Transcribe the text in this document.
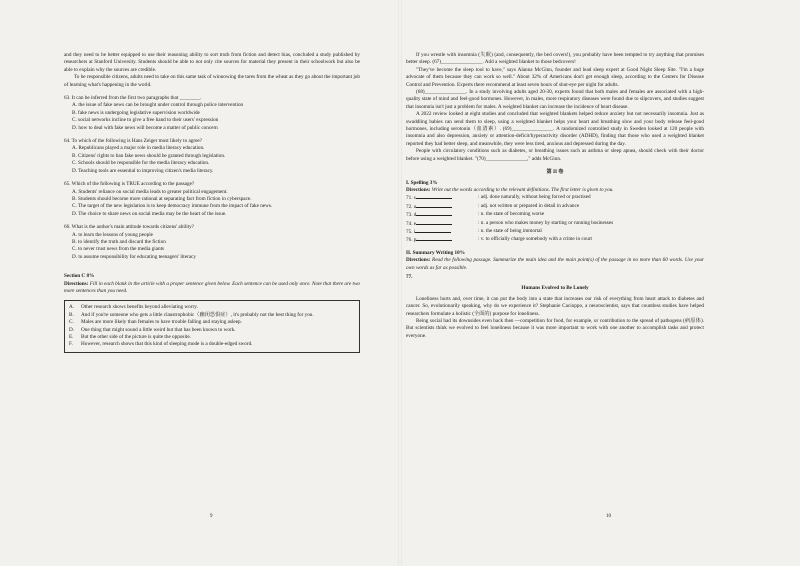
and they need to be better equipped to use their reasoning ability to sort truth from fiction and detect bias, concluded a study published by researchers at Stanford University. Students should be able to not only cite sources for material they present in their schoolwork but also be able to explain why the sources are credible.

To be responsible citizens, adults need to take on this same task of winnowing the tares from the wheat as they go about the important job of learning what's happening in the world.

63. It can be inferred from the first two paragraphs that ________.
A. the issue of fake news can be brought under control through police intervention
B. fake news is undergoing legislative supervision worldwide
C. social networks incline to give a free hand to their users' expression
D. how to deal with fake news will become a matter of public concern
64. To which of the following is Hans Zeiger most likely to agree?
A. Republicans played a major role in media literacy education.
B. Citizens' rights to ban fake news should be granted through legislation.
C. Schools should be responsible for the media literacy education.
D. Teaching tools are essential to improving citizen's media literacy.
65. Which of the following is TRUE according to the passage?
A. Students' reliance on social media leads to greater political engagement.
B. Students should become more rational at separating fact from fiction in cyberspace.
C. The target of the new legislation is to keep democracy immune from the impact of fake news.
D. The choice to share news on social media may be the heart of the issue.
66. What is the author's main attitude towards citizens' ability?
A. to learn the lessons of young people
B. to identify the truth and discard the fiction
C. to never trust news from the media giants
D. to assume responsibility for educating teenagers' literacy
Section C 8%

Directions: Fill in each blank in the article with a proper sentence given below. Each sentence can be used only once. Note that there are two more sentences than you need.

A.	Other research shows benefits beyond alleviating worry.
B.	And if you're someone who gets a little claustrophobic（幽闭恐惧症）, it's probably not the best thing for you.
C.	Males are more likely than females to have trouble falling and staying asleep.
D.	One thing that might sound a little weird but that has been known to work.
E.	But the other side of the picture is quite the opposite.
F.	However, research shows that this kind of sleeping mode is a double-edged sword.
9

If you wrestle with insomnia (失眠) (and, consequently, the bed covers!), you probably have been tempted to try anything that promises better sleep. (67)________________. Add a weighted blanket to those bedcovers!

"They've become the sleep tool to have," says Alanna McGinn, founder and lead sleep expert at Good Night Sleep Site. "I'm a huge advocate of them because they can work so well." About 32% of Americans don't get enough sleep, according to the Centers for Disease Control and Prevention. Experts there recommend at least seven hours of shut-eye per night for adults.

(68)________________. In a study involving adults aged 20-30, experts found that both males and females are associated with a high-quality state of mind and feel-good hormones. However, in males, more respiratory diseases were found due to slipcovers, and studies suggest that insomnia isn't just a problem for males. A weighted blanket can increase the incidence of heart disease.

A 2022 review looked at eight studies and concluded that weighted blankets helped reduce anxiety but not necessarily insomnia. Just as swaddling babies can send them to sleep, using a weighted blanket helps your heart and breathing slow and your body release feel-good hormones, including serotonin（血清素）. (69)________________. A randomized controlled study in Sweden looked at 120 people with insomnia and also depression, anxiety or attention-deficit/hyperactivity disorder (ADHD), finding that those who used a weighted blanket reported they had better sleep, and meanwhile, they were less tired, anxious and depressed during the day.

People with circulatory conditions such as diabetes, or breathing issues such as asthma or sleep apnea, should check with their doctor before using a weighted blanket. "(70)________________," adds McGinn.

第 II 卷
I. Spelling 3%

Directions: Write out the words according to the relevant definitions. The first letter is given to you.

71. s	: adj. done naturally, without being forced or practised
72. u	: adj. not written or prepared in detail in advance
73. d	: n. the state of becoming worse
74. e	: n. a person who makes money by starting or running businesses
75. i	: n. the state of being immortal
76. p	: v. to officially charge somebody with a crime in court
II. Summary Writing 10%

Directions: Read the following passage. Summarize the main idea and the main point(s) of the passage in no more than 60 words. Use your own words as far as possible.

77.
Humans Evolved to Be Lonely

Loneliness hurts and, over time, it can put the body into a state that increases our risk of everything from heart attack to diabetes and cancer. So, evolutionarily speaking, why do we experience it? Stephanie Cacioppo, a neuroscientist, says that countless studies have helped researchers formulate a holistic (全面的) purpose for loneliness.

Being social had its downsides even back then —competition for food, for example, or contribution to the spread of pathogens (病原体). But scientists think we evolved to feel loneliness because it was more important to work with one another to accomplish tasks and protect everyone.

10
